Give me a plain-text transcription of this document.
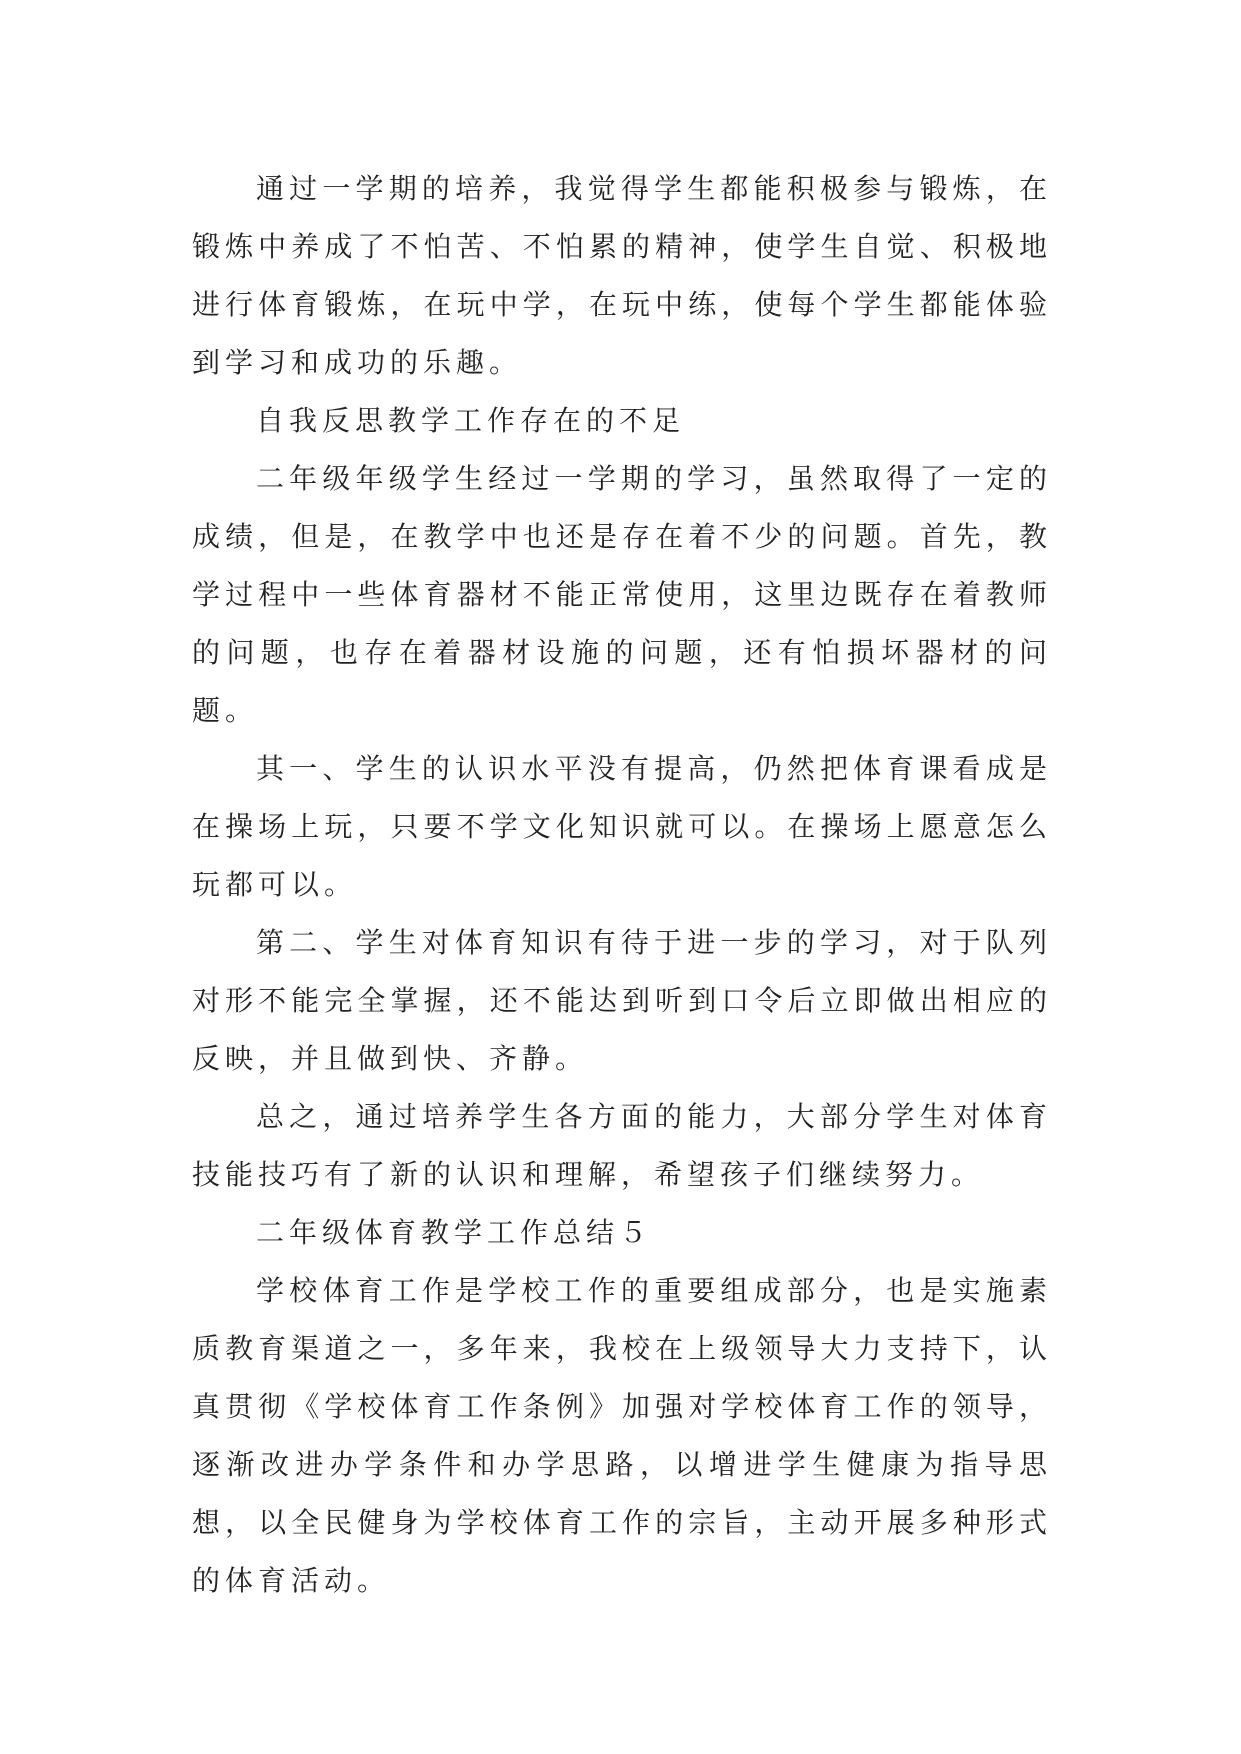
通过一学期的培养，我觉得学生都能积极参与锻炼，在锻炼中养成了不怕苦、不怕累的精神，使学生自觉、积极地进行体育锻炼，在玩中学，在玩中练，使每个学生都能体验到学习和成功的乐趣。

自我反思教学工作存在的不足

二年级年级学生经过一学期的学习，虽然取得了一定的成绩，但是，在教学中也还是存在着不少的问题。首先，教学过程中一些体育器材不能正常使用，这里边既存在着教师的问题，也存在着器材设施的问题，还有怕损坏器材的问题。

其一、学生的认识水平没有提高，仍然把体育课看成是在操场上玩，只要不学文化知识就可以。在操场上愿意怎么玩都可以。

第二、学生对体育知识有待于进一步的学习，对于队列对形不能完全掌握，还不能达到听到口令后立即做出相应的反映，并且做到快、齐静。

总之，通过培养学生各方面的能力，大部分学生对体育技能技巧有了新的认识和理解，希望孩子们继续努力。

二年级体育教学工作总结５

学校体育工作是学校工作的重要组成部分，也是实施素质教育渠道之一，多年来，我校在上级领导大力支持下，认真贯彻《学校体育工作条例》加强对学校体育工作的领导，逐渐改进办学条件和办学思路，以增进学生健康为指导思想，以全民健身为学校体育工作的宗旨，主动开展多种形式的体育活动。
